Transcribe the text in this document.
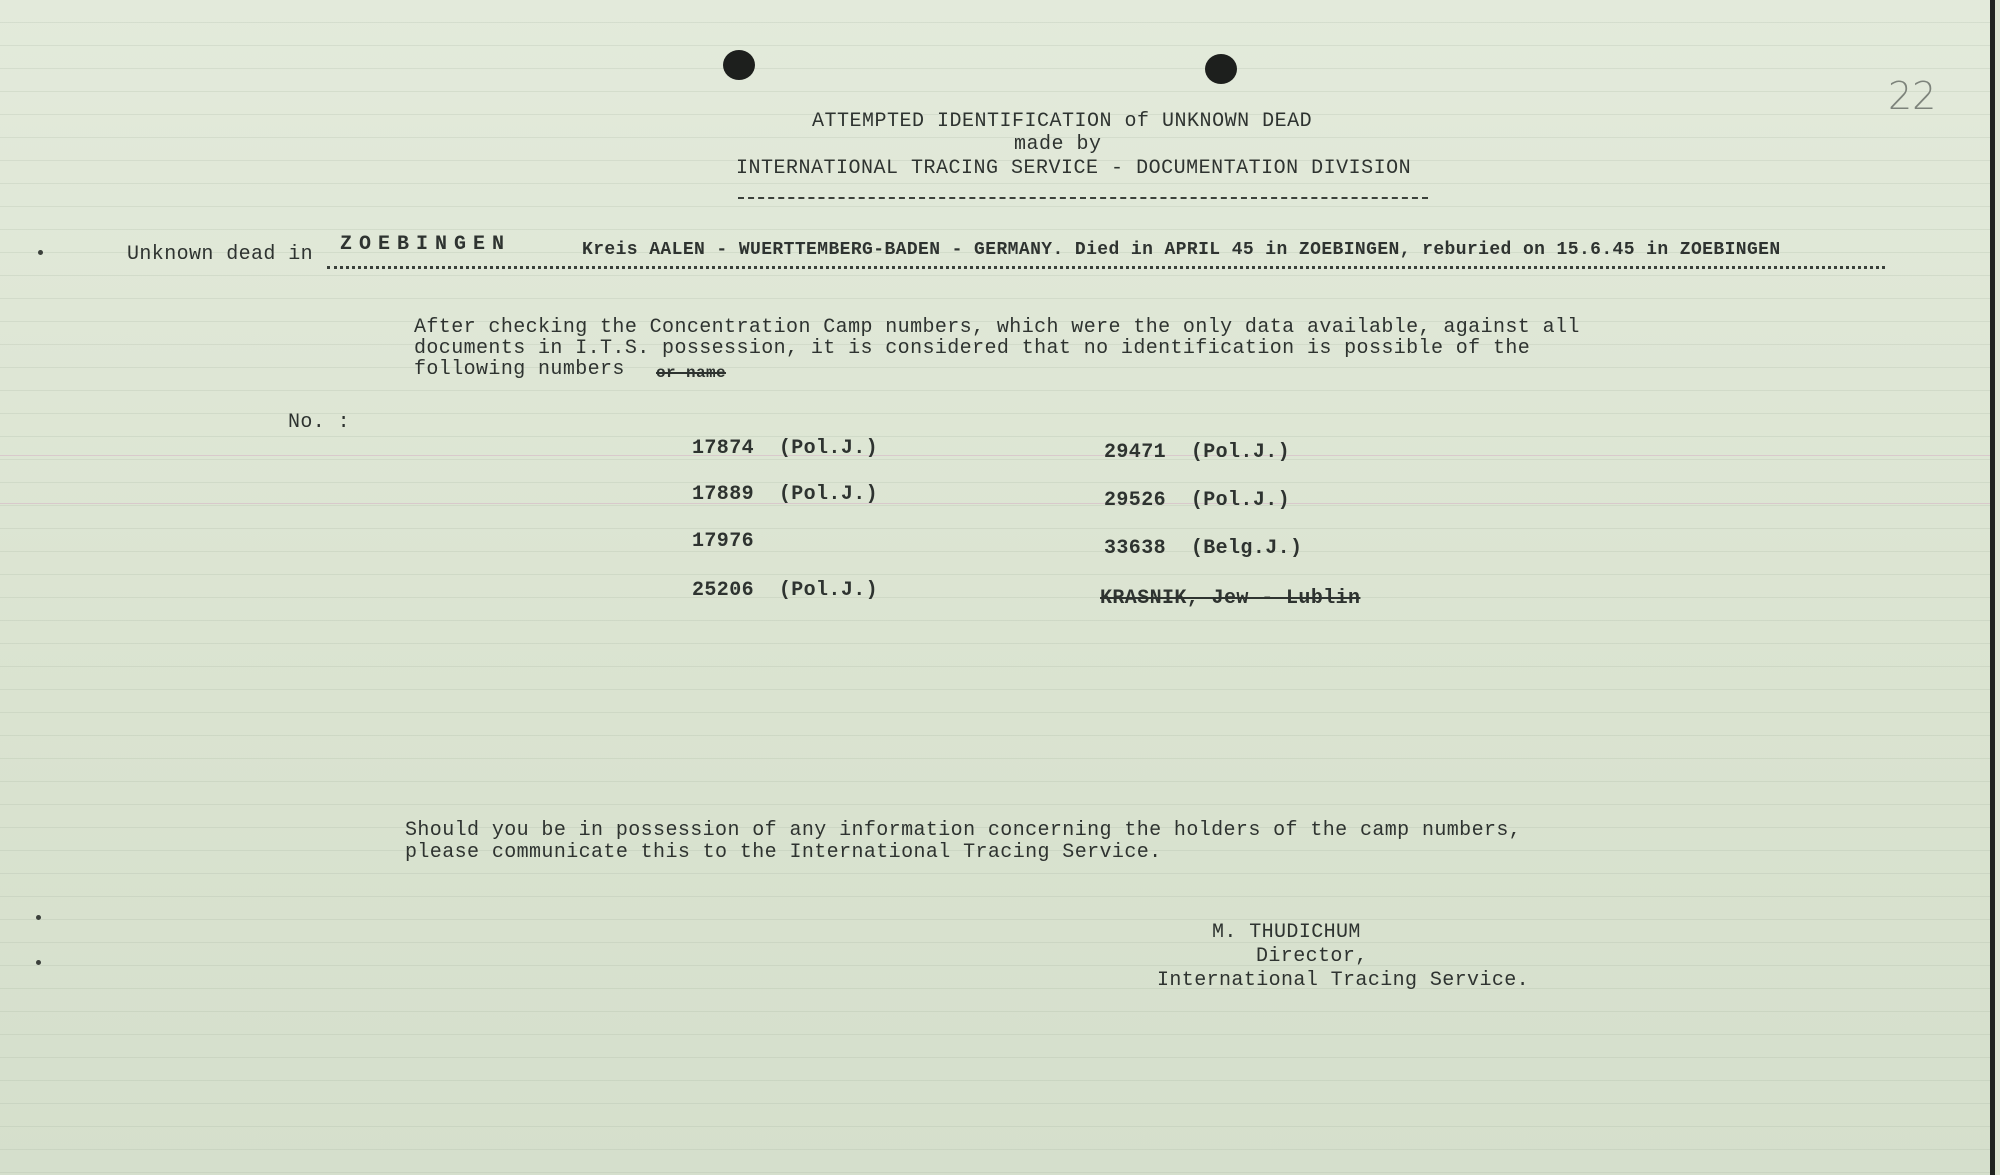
22
ATTEMPTED IDENTIFICATION of UNKNOWN DEAD
made by
INTERNATIONAL TRACING SERVICE - DOCUMENTATION DIVISION
Unknown dead in ZOEBINGEN	Kreis AALEN - WUERTTEMBERG-BADEN - GERMANY. Died in APRIL 45 in ZOEBINGEN, reburied on 15.6.45 in ZOEBINGEN
After checking the Concentration Camp numbers, which were the only data available, against all
documents in I.T.S. possession, it is considered that no identification is possible of the
following numbers or name
No. :
17874  (Pol.J.)
17889  (Pol.J.)
17976
25206  (Pol.J.)
29471  (Pol.J.)
29526  (Pol.J.)
33638  (Belg.J.)
KRASNIK, Jew - Lublin
Should you be in possession of any information concerning the holders of the camp numbers,
please communicate this to the International Tracing Service.
M. THUDICHUM
Director,
International Tracing Service.
